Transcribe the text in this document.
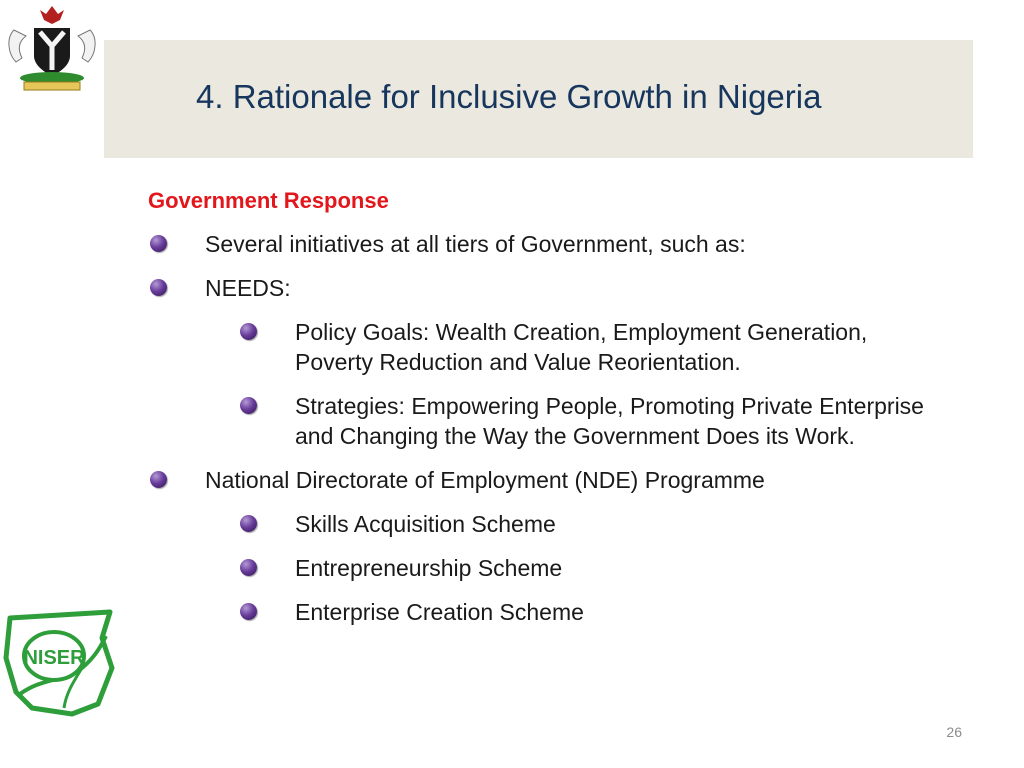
4. Rationale for Inclusive Growth in Nigeria
Government Response
Several initiatives at all tiers of Government, such as:
NEEDS:
Policy Goals: Wealth Creation, Employment Generation, Poverty Reduction and Value Reorientation.
Strategies: Empowering People, Promoting Private Enterprise and Changing the Way the Government Does its Work.
National Directorate of Employment (NDE) Programme
Skills Acquisition Scheme
Entrepreneurship Scheme
Enterprise Creation Scheme
NISER
26
